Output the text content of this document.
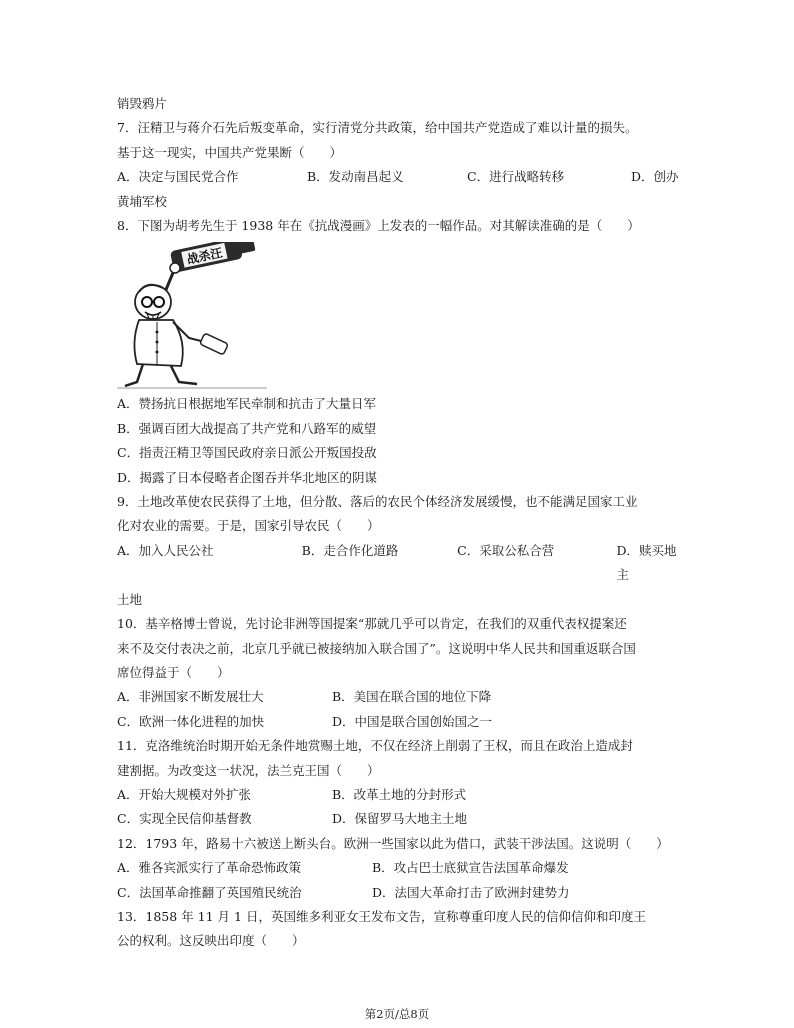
销毁鸦片
7．汪精卫与蒋介石先后叛变革命，实行清党分共政策，给中国共产党造成了难以计量的损失。
基于这一现实，中国共产党果断（　　）
A．决定与国民党合作	B．发动南昌起义	C．进行战略转移	D．创办
黄埔军校
8．下图为胡考先生于 1938 年在《抗战漫画》上发表的一幅作品。对其解读准确的是（　　）
战杀汪
A．赞扬抗日根据地军民牵制和抗击了大量日军
B．强调百团大战提高了共产党和八路军的威望
C．指责汪精卫等国民政府亲日派公开叛国投敌
D．揭露了日本侵略者企图吞并华北地区的阴谋
9．土地改革使农民获得了土地，但分散、落后的农民个体经济发展缓慢，也不能满足国家工业
化对农业的需要。于是，国家引导农民（　　）
A．加入人民公社	B．走合作化道路	C．采取公私合营	D．赎买地主
土地
10．基辛格博士曾说，先讨论非洲等国提案“那就几乎可以肯定，在我们的双重代表权提案还
来不及交付表决之前，北京几乎就已被接纳加入联合国了”。这说明中华人民共和国重返联合国
席位得益于（　　）
A．非洲国家不断发展壮大	B．美国在联合国的地位下降
C．欧洲一体化进程的加快	D．中国是联合国创始国之一
11．克洛维统治时期开始无条件地赏赐土地，不仅在经济上削弱了王权，而且在政治上造成封
建割据。为改变这一状况，法兰克王国（　　）
A．开始大规模对外扩张	B．改革土地的分封形式
C．实现全民信仰基督教	D．保留罗马大地主土地
12．1793 年，路易十六被送上断头台。欧洲一些国家以此为借口，武装干涉法国。这说明（　　）
A．雅各宾派实行了革命恐怖政策	B．攻占巴士底狱宣告法国革命爆发
C．法国革命推翻了英国殖民统治	D．法国大革命打击了欧洲封建势力
13．1858 年 11 月 1 日，英国维多利亚女王发布文告，宣称尊重印度人民的信仰信仰和印度王
公的权利。这反映出印度（　　）
第2页/总8页
